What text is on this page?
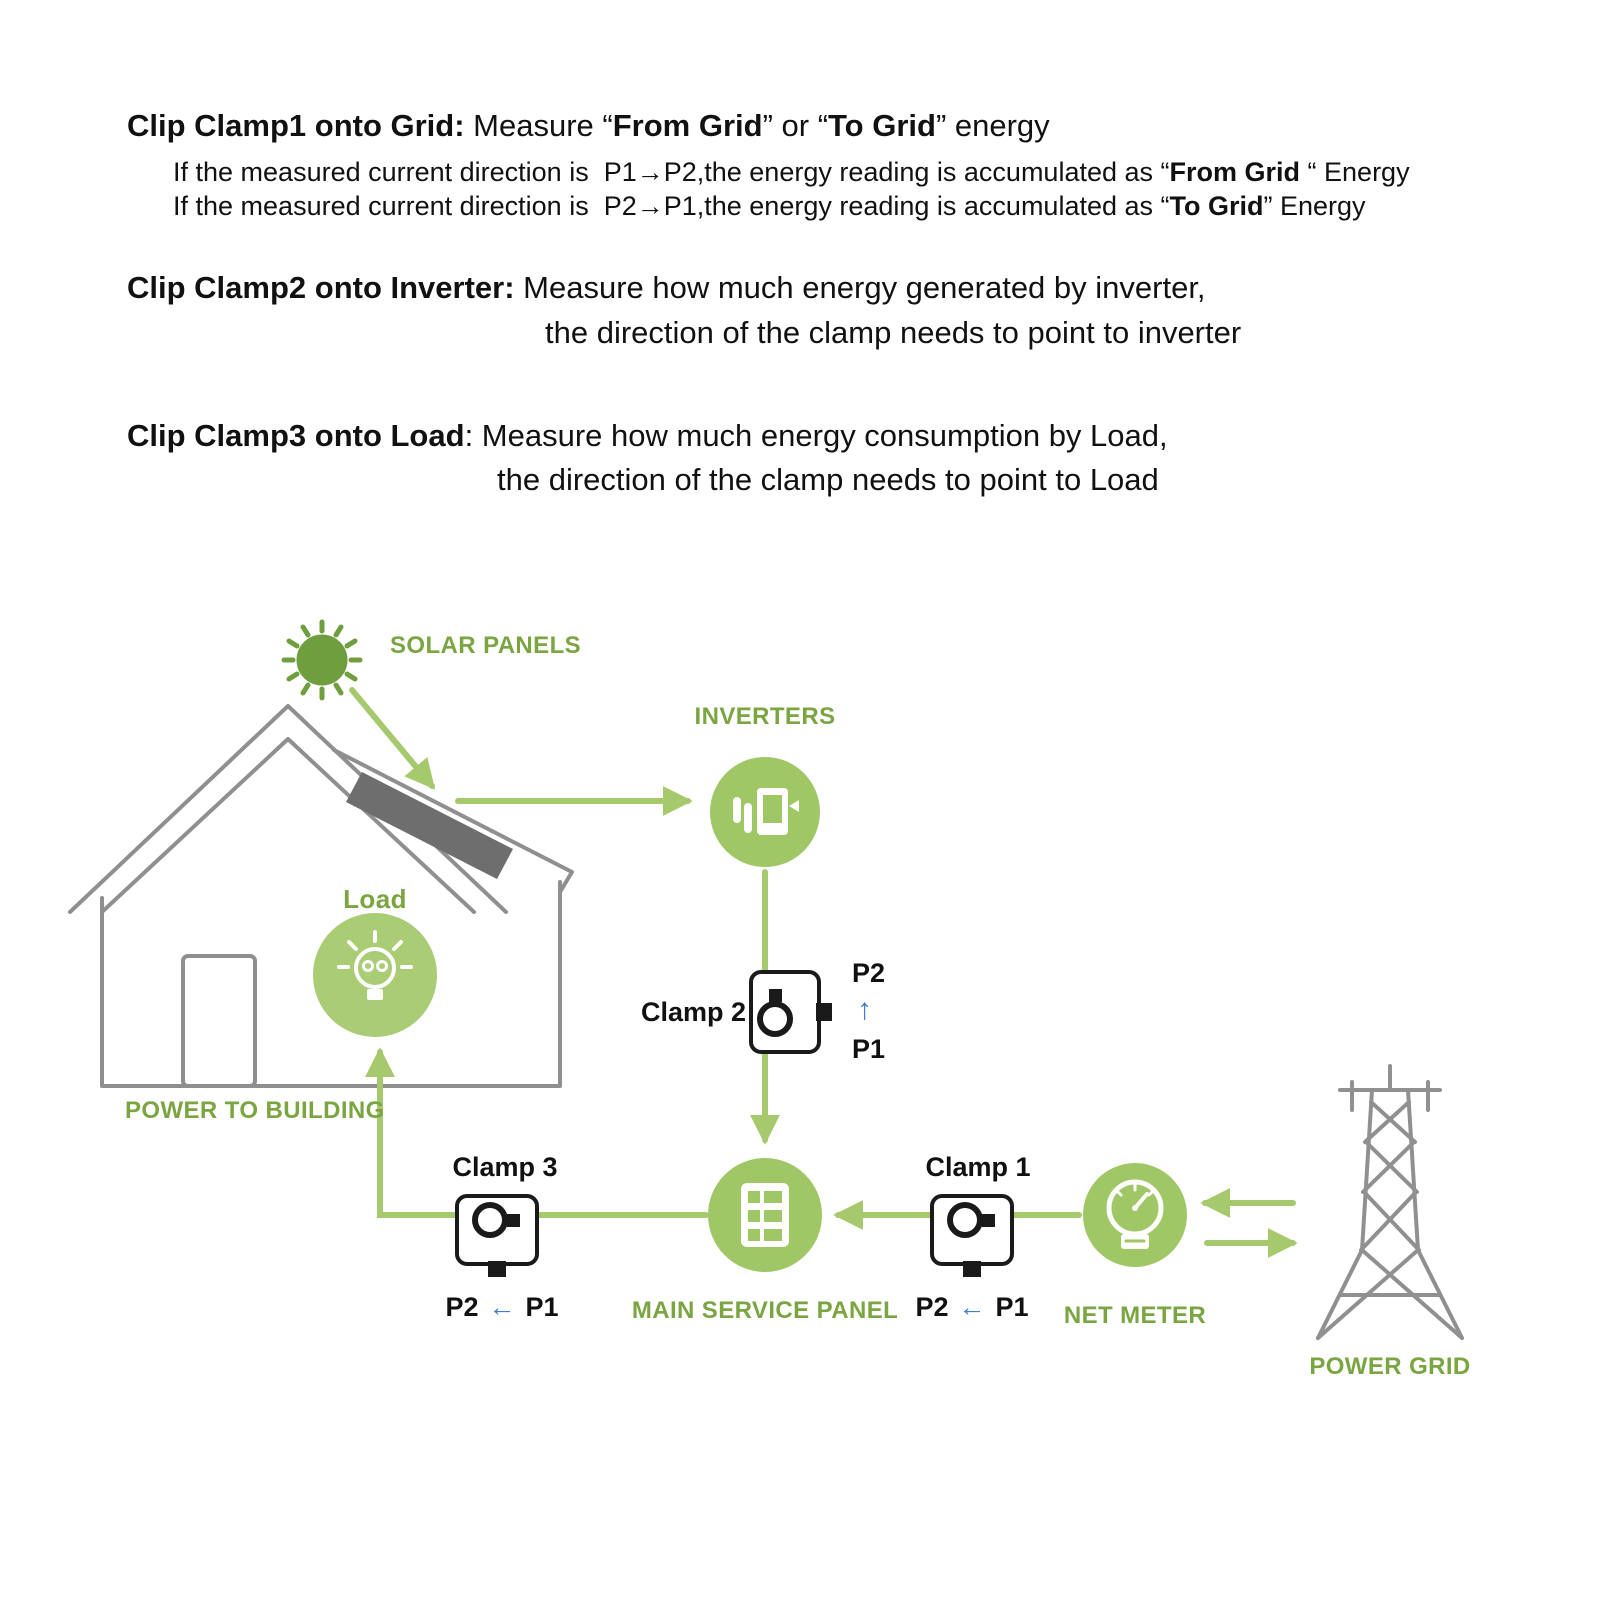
Clip Clamp1 onto Grid: Measure “From Grid” or “To Grid” energy

If the measured current direction is  P1→P2,the energy reading is accumulated as “From Grid “ Energy

If the measured current direction is  P2→P1,the energy reading is accumulated as “To Grid” Energy

Clip Clamp2 onto Inverter: Measure how much energy generated by inverter,

the direction of the clamp needs to point to inverter

Clip Clamp3 onto Load: Measure how much energy consumption by Load,

the direction of the clamp needs to point to Load

SOLAR PANELS
INVERTERS
Load
POWER TO BUILDING
MAIN SERVICE PANEL	NET METER
POWER GRID
Clamp 2
P2
↑
P1
Clamp 3
P2 ← P1
Clamp 1
P2 ← P1
